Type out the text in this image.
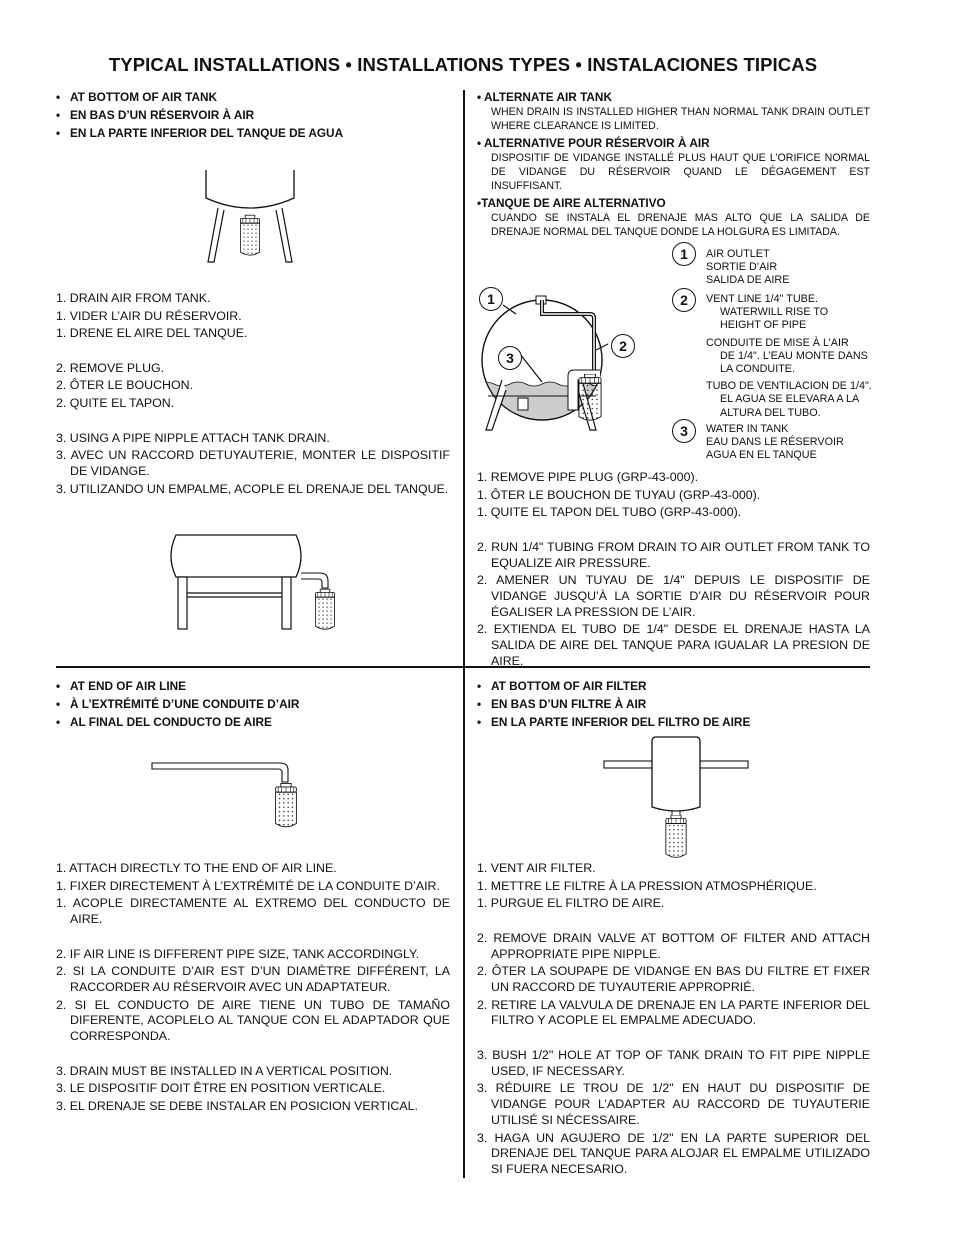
TYPICAL INSTALLATIONS • INSTALLATIONS TYPES • INSTALACIONES TIPICAS

• AT BOTTOM OF AIR TANK

• EN BAS D’UN RÉSERVOIR À AIR

• EN LA PARTE INFERIOR DEL TANQUE DE AGUA

1. DRAIN AIR FROM TANK.

1. VIDER L’AIR DU RÉSERVOIR.

1. DRENE EL AIRE DEL TANQUE.

2. REMOVE PLUG.

2. ÔTER LE BOUCHON.

2. QUITE EL TAPON.

3. USING A PIPE NIPPLE ATTACH TANK DRAIN.

3. AVEC UN RACCORD DETUYAUTERIE, MONTER LE DISPOSITIF DE VIDANGE.

3. UTILIZANDO UN EMPALME, ACOPLE EL DRENAJE DEL TANQUE.

• ALTERNATE AIR TANK

WHEN DRAIN IS INSTALLED HIGHER THAN NORMAL TANK DRAIN OUTLET WHERE CLEARANCE IS LIMITED.

• ALTERNATIVE POUR RÉSERVOIR À AIR

DISPOSITIF DE VIDANGE INSTALLÉ PLUS HAUT QUE L’ORIFICE NORMAL DE VIDANGE DU RÉSERVOIR QUAND LE DÉGAGEMENT EST INSUFFISANT.

•TANQUE DE AIRE ALTERNATIVO

CUANDO SE INSTALA EL DRENAJE MAS ALTO QUE LA SALIDA DE DRENAJE NORMAL DEL TANQUE DONDE LA HOLGURA ES LIMITADA.

1
3
2
1	AIR OUTLET

SORTIE D’AIR

SALIDA DE AIRE

2	VENT LINE 1/4" TUBE.

WATERWILL RISE TO

HEIGHT OF PIPE

CONDUITE DE MISE À L’AIR

DE 1/4". L’EAU MONTE DANS

LA CONDUITE.

TUBO DE VENTILACION DE 1/4".

EL AGUA SE ELEVARA A LA

ALTURA DEL TUBO.

3	WATER IN TANK

EAU DANS LE RÉSERVOIR

AGUA EN EL TANQUE

1. REMOVE PIPE PLUG (GRP-43-000).

1. ÔTER LE BOUCHON DE TUYAU (GRP-43-000).

1. QUITE EL TAPON DEL TUBO (GRP-43-000).

2. RUN 1/4" TUBING FROM DRAIN TO AIR OUTLET FROM TANK TO EQUALIZE AIR PRESSURE.

2. AMENER UN TUYAU DE 1/4" DEPUIS LE DISPOSITIF DE VIDANGE JUSQU’À LA SORTIE D’AIR DU RÉSERVOIR POUR ÉGALISER LA PRESSION DE L’AIR.

2. EXTIENDA EL TUBO DE 1/4" DESDE EL DRENAJE HASTA LA SALIDA DE AIRE DEL TANQUE PARA IGUALAR LA PRESION DE AIRE.

• AT END OF AIR LINE

• À L’EXTRÉMITÉ D’UNE CONDUITE D’AIR

• AL FINAL DEL CONDUCTO DE AIRE

1. ATTACH DIRECTLY TO THE END OF AIR LINE.

1. FIXER DIRECTEMENT À L’EXTRÉMITÉ DE LA CONDUITE D’AIR.

1. ACOPLE DIRECTAMENTE AL EXTREMO DEL CONDUCTO DE AIRE.

2. IF AIR LINE IS DIFFERENT PIPE SIZE, TANK ACCORDINGLY.

2. SI LA CONDUITE D’AIR EST D’UN DIAMÈTRE DIFFÉRENT, LA RACCORDER AU RÉSERVOIR AVEC UN ADAPTATEUR.

2. SI EL CONDUCTO DE AIRE TIENE UN TUBO DE TAMAÑO DIFERENTE, ACOPLELO AL TANQUE CON EL ADAPTADOR QUE CORRESPONDA.

3. DRAIN MUST BE INSTALLED IN A VERTICAL POSITION.

3. LE DISPOSITIF DOIT ÊTRE EN POSITION VERTICALE.

3. EL DRENAJE SE DEBE INSTALAR EN POSICION VERTICAL.

• AT BOTTOM OF AIR FILTER

• EN BAS D’UN FILTRE À AIR

• EN LA PARTE INFERIOR DEL FILTRO DE AIRE

1. VENT AIR FILTER.

1. METTRE LE FILTRE À LA PRESSION ATMOSPHÉRIQUE.

1. PURGUE EL FILTRO DE AIRE.

2. REMOVE DRAIN VALVE AT BOTTOM OF FILTER AND ATTACH APPROPRIATE PIPE NIPPLE.

2. ÔTER LA SOUPAPE DE VIDANGE EN BAS DU FILTRE ET FIXER UN RACCORD DE TUYAUTERIE APPROPRIÉ.

2. RETIRE LA VALVULA DE DRENAJE EN LA PARTE INFERIOR DEL FILTRO Y ACOPLE EL EMPALME ADECUADO.

3. BUSH 1/2" HOLE AT TOP OF TANK DRAIN TO FIT PIPE NIPPLE USED, IF NECESSARY.

3. RÉDUIRE LE TROU DE 1/2" EN HAUT DU DISPOSITIF DE VIDANGE POUR L’ADAPTER AU RACCORD DE TUYAUTERIE UTILISÉ SI NÉCESSAIRE.

3. HAGA UN AGUJERO DE 1/2" EN LA PARTE SUPERIOR DEL DRENAJE DEL TANQUE PARA ALOJAR EL EMPALME UTILIZADO SI FUERA NECESARIO.
